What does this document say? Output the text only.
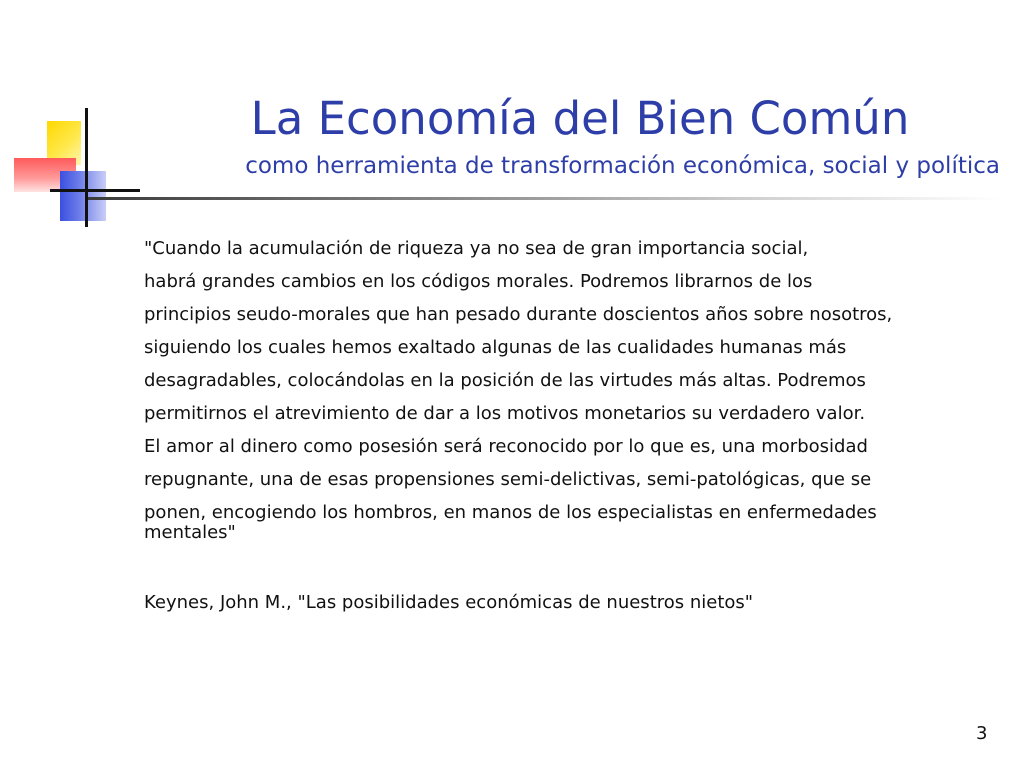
La Economía del Bien Común
como herramienta de transformación económica, social y política
"Cuando la acumulación de riqueza ya no sea de gran importancia social,
habrá grandes cambios en los códigos morales. Podremos librarnos de los
principios seudo-morales que han pesado durante doscientos años sobre nosotros,
siguiendo los cuales hemos exaltado algunas de las cualidades humanas más
desagradables, colocándolas en la posición de las virtudes más altas. Podremos
permitirnos el atrevimiento de dar a los motivos monetarios su verdadero valor.
El amor al dinero como posesión será reconocido por lo que es, una morbosidad
repugnante, una de esas propensiones semi-delictivas, semi-patológicas, que se
ponen, encogiendo los hombros, en manos de los especialistas en enfermedades
mentales"
Keynes, John M., "Las posibilidades económicas de nuestros nietos"
3
